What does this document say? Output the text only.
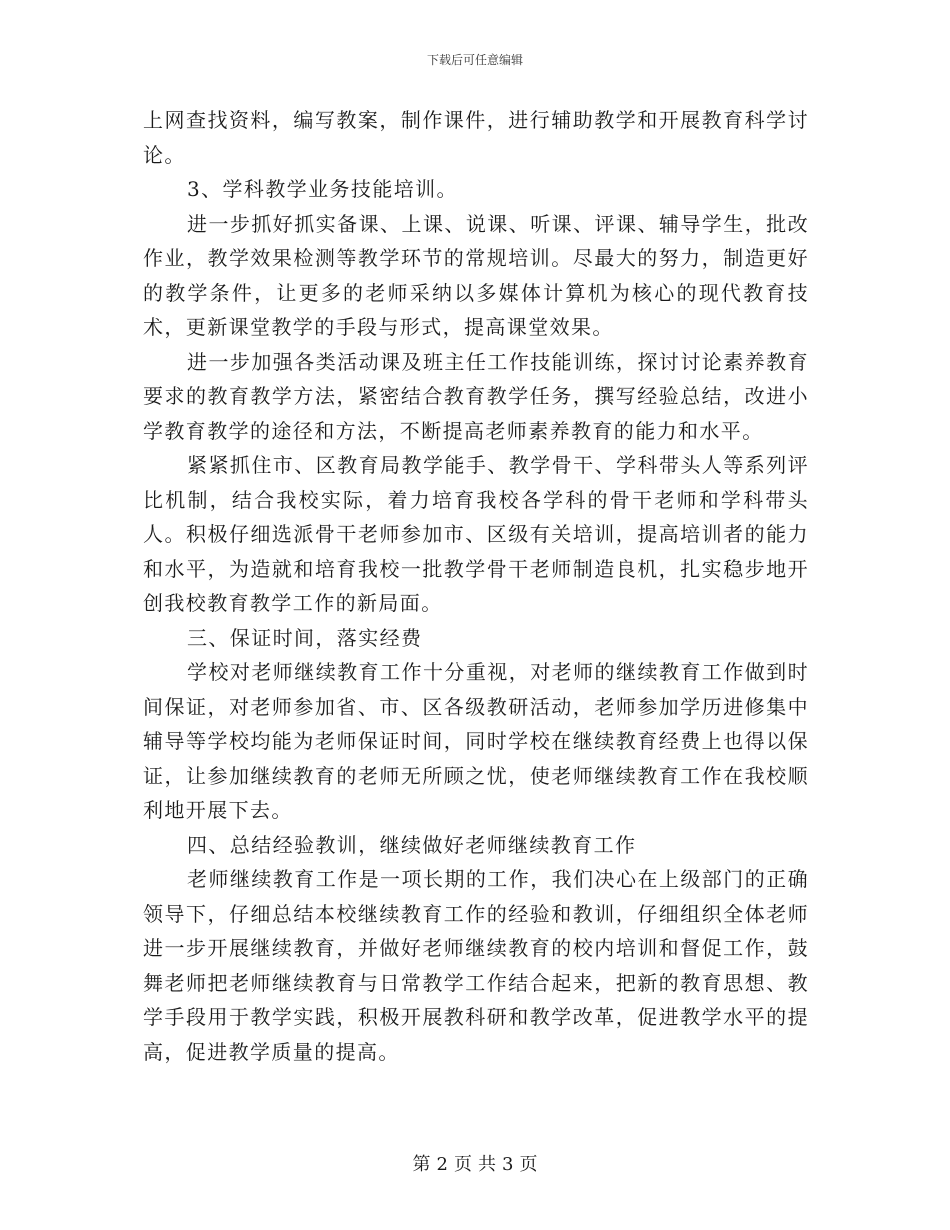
下载后可任意编辑

上网查找资料，编写教案，制作课件，进行辅助教学和开展教育科学讨论。

3、学科教学业务技能培训。

进一步抓好抓实备课、上课、说课、听课、评课、辅导学生，批改作业，教学效果检测等教学环节的常规培训。尽最大的努力，制造更好的教学条件，让更多的老师采纳以多媒体计算机为核心的现代教育技术，更新课堂教学的手段与形式，提高课堂效果。

进一步加强各类活动课及班主任工作技能训练，探讨讨论素养教育要求的教育教学方法，紧密结合教育教学任务，撰写经验总结，改进小学教育教学的途径和方法，不断提高老师素养教育的能力和水平。

紧紧抓住市、区教育局教学能手、教学骨干、学科带头人等系列评比机制，结合我校实际，着力培育我校各学科的骨干老师和学科带头人。积极仔细选派骨干老师参加市、区级有关培训，提高培训者的能力和水平，为造就和培育我校一批教学骨干老师制造良机，扎实稳步地开创我校教育教学工作的新局面。

三、保证时间，落实经费

学校对老师继续教育工作十分重视，对老师的继续教育工作做到时间保证，对老师参加省、市、区各级教研活动，老师参加学历进修集中辅导等学校均能为老师保证时间，同时学校在继续教育经费上也得以保证，让参加继续教育的老师无所顾之忧，使老师继续教育工作在我校顺利地开展下去。

四、总结经验教训，继续做好老师继续教育工作

老师继续教育工作是一项长期的工作，我们决心在上级部门的正确领导下，仔细总结本校继续教育工作的经验和教训，仔细组织全体老师进一步开展继续教育，并做好老师继续教育的校内培训和督促工作，鼓舞老师把老师继续教育与日常教学工作结合起来，把新的教育思想、教学手段用于教学实践，积极开展教科研和教学改革，促进教学水平的提高，促进教学质量的提高。

第 2 页 共 3 页
